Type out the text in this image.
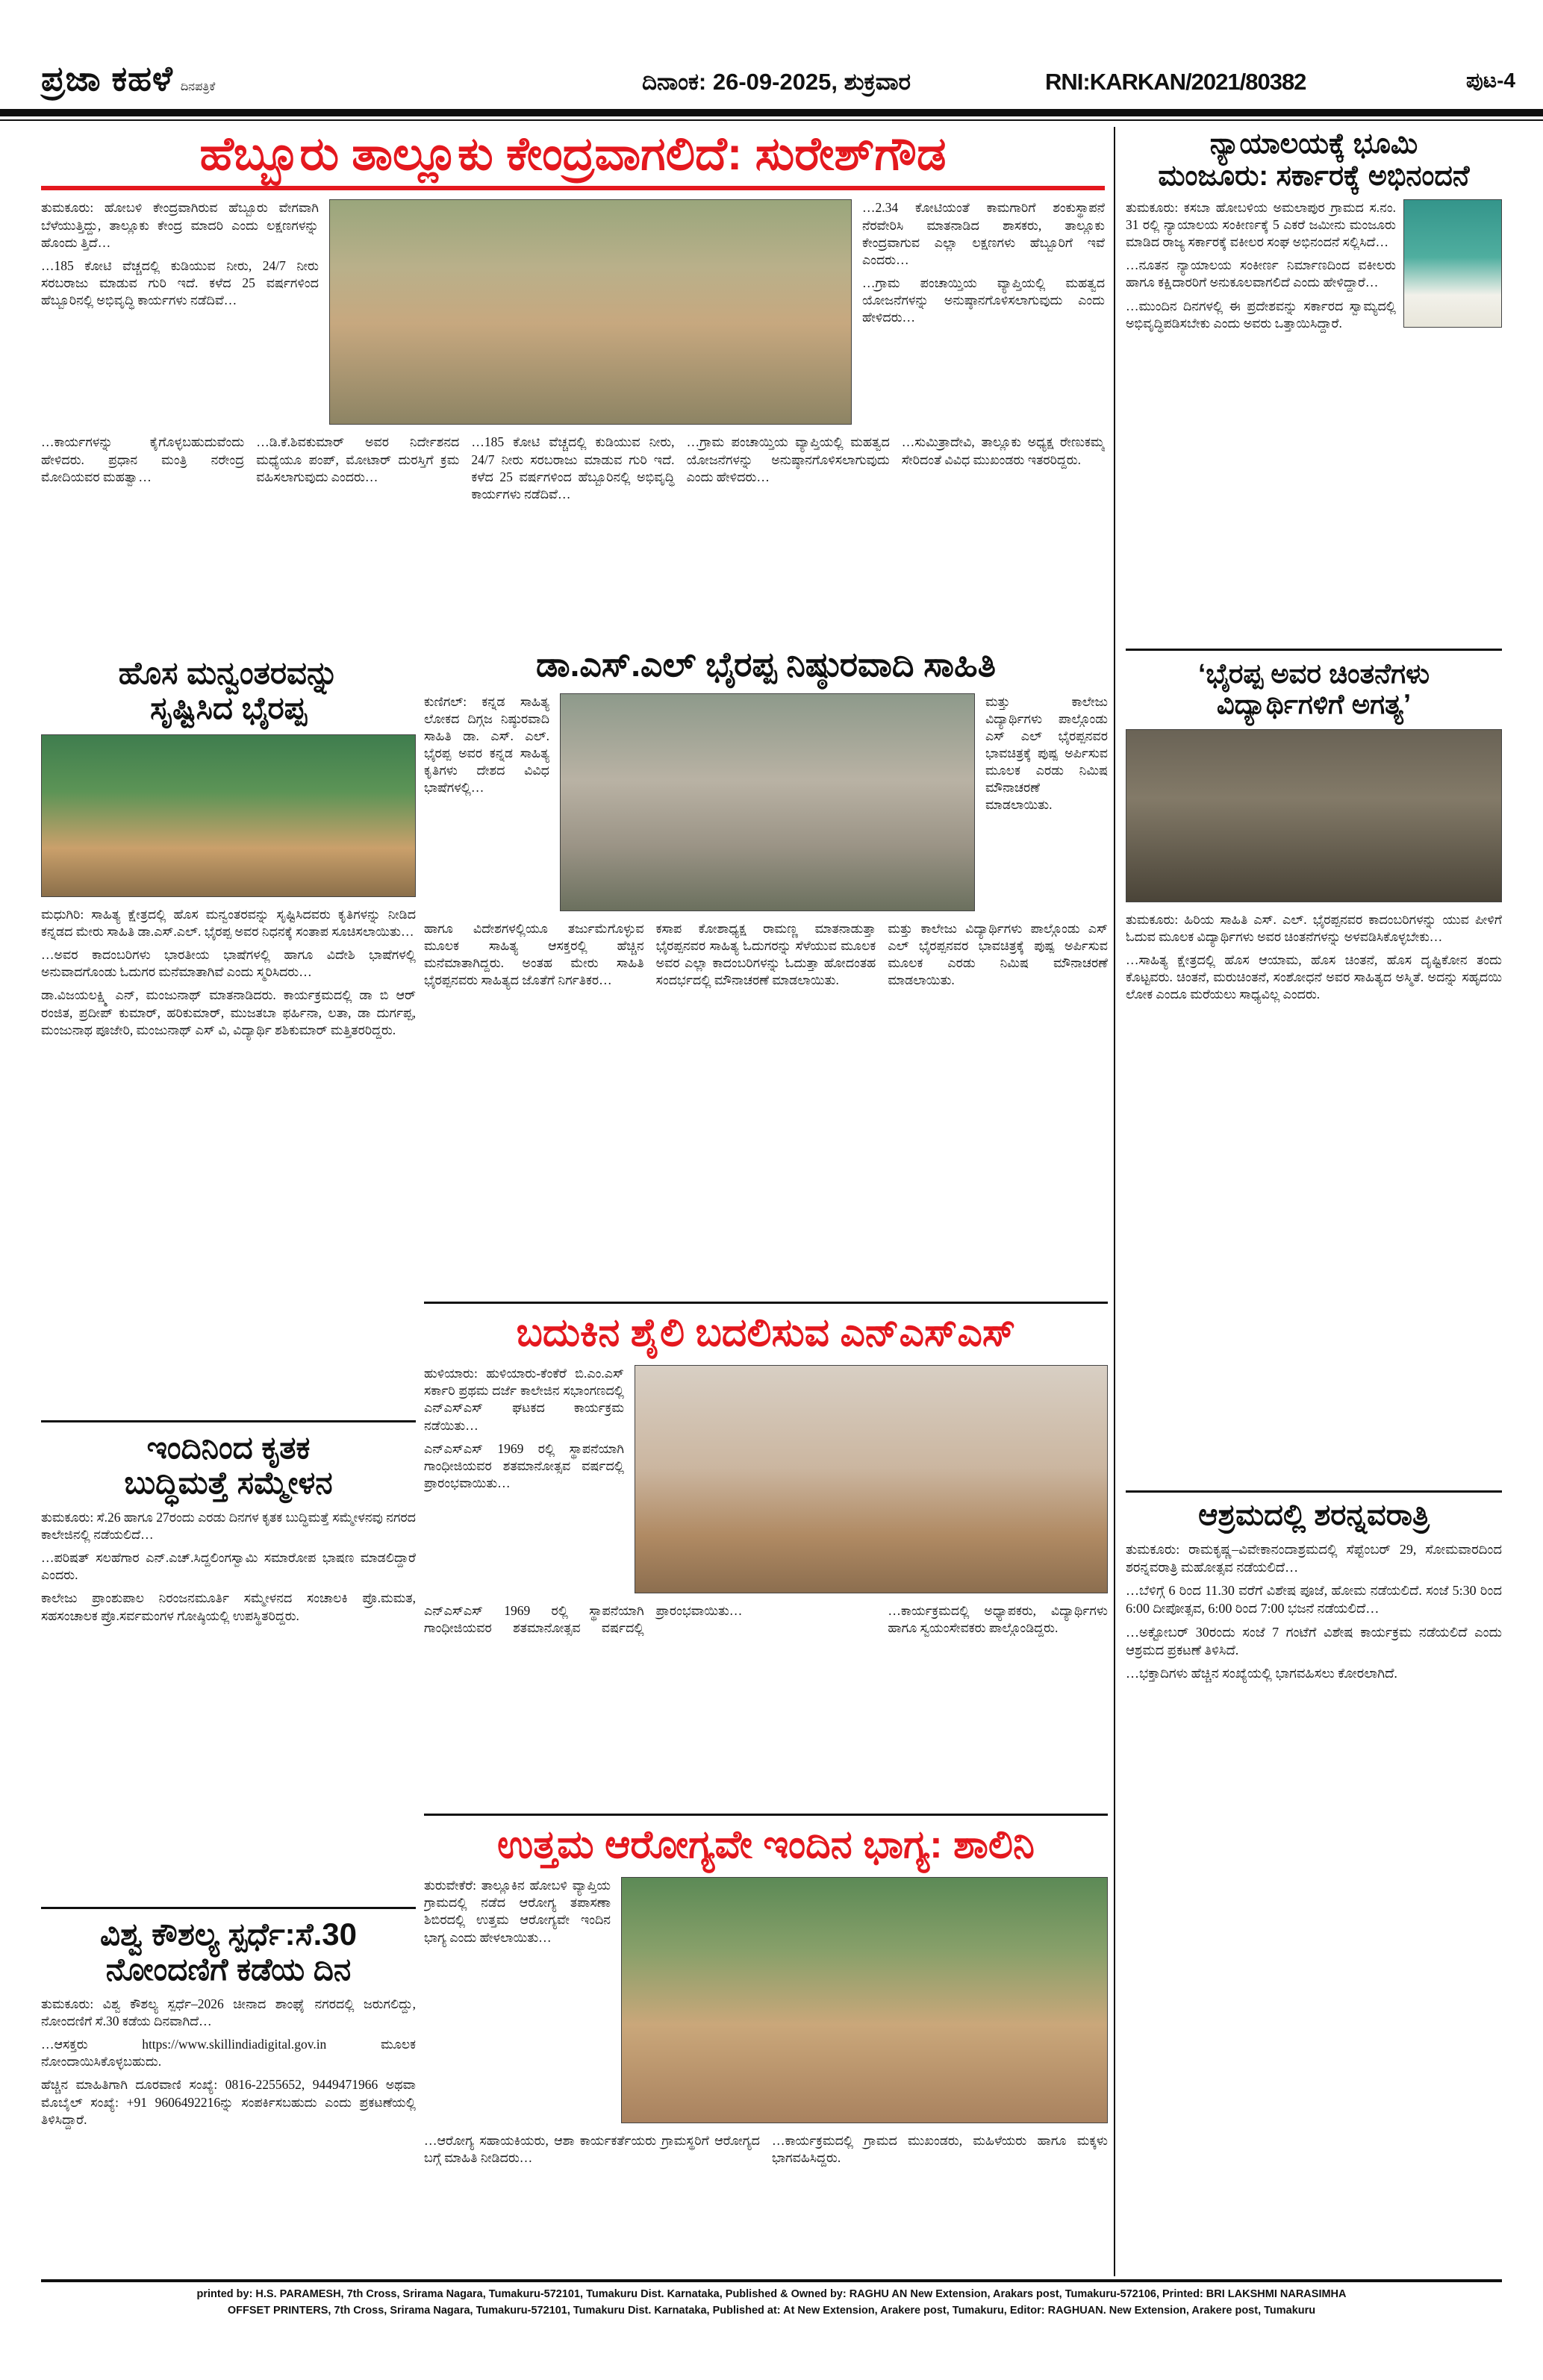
ಪ್ರಜಾ ಕಹಳೆ ದಿನಪತ್ರಿಕೆ	ದಿನಾಂಕ: 26-09-2025, ಶುಕ್ರವಾರ	RNI:KARKAN/2021/80382	ಪುಟ-4
ಹೆಬ್ಬೂರು ತಾಲ್ಲೂಕು ಕೇಂದ್ರವಾಗಲಿದೆ: ಸುರೇಶ್‌ಗೌಡ

ತುಮಕೂರು: ಹೋಬಳಿ ಕೇಂದ್ರವಾಗಿರುವ ಹೆಬ್ಬೂರು ವೇಗವಾಗಿ ಬೆಳೆಯುತ್ತಿದ್ದು, ತಾಲ್ಲೂಕು ಕೇಂದ್ರ ಮಾದರಿ ಎಂದು ಲಕ್ಷಣಗಳನ್ನು ಹೊಂದು ತ್ತಿದೆ…

…185 ಕೋಟಿ ವೆಚ್ಚದಲ್ಲಿ ಕುಡಿಯುವ ನೀರು, 24/7 ನೀರು ಸರಬರಾಜು ಮಾಡುವ ಗುರಿ ಇದೆ. ಕಳೆದ 25 ವರ್ಷಗಳಿಂದ ಹೆಬ್ಬೂರಿನಲ್ಲಿ ಅಭಿವೃದ್ಧಿ ಕಾರ್ಯಗಳು ನಡೆದಿವೆ…

…2.34 ಕೋಟಿಯಂತೆ ಕಾಮಗಾರಿಗೆ ಶಂಕುಸ್ಥಾಪನೆ ನೆರವೇರಿಸಿ ಮಾತನಾಡಿದ ಶಾಸಕರು, ತಾಲ್ಲೂಕು ಕೇಂದ್ರವಾಗುವ ಎಲ್ಲಾ ಲಕ್ಷಣಗಳು ಹೆಬ್ಬೂರಿಗೆ ಇವೆ ಎಂದರು…

…ಗ್ರಾಮ ಪಂಚಾಯ್ತಿಯ ವ್ಯಾಪ್ತಿಯಲ್ಲಿ ಮಹತ್ವದ ಯೋಜನೆಗಳನ್ನು ಅನುಷ್ಠಾನಗೊಳಿಸಲಾಗುವುದು ಎಂದು ಹೇಳಿದರು…

…ಕಾರ್ಯಗಳನ್ನು ಕೈಗೊಳ್ಳಬಹುದುವೆಂದು ಹೇಳಿದರು. ಪ್ರಧಾನ ಮಂತ್ರಿ ನರೇಂದ್ರ ಮೋದಿಯವರ ಮಹತ್ವಾ…

…ಡಿ.ಕೆ.ಶಿವಕುಮಾರ್ ಅವರ ನಿರ್ದೇಶನದ ಮಧ್ಯೆಯೂ ಪಂಪ್, ಮೋಟಾರ್ ದುರಸ್ತಿಗೆ ಕ್ರಮ ವಹಿಸಲಾಗುವುದು ಎಂದರು…

…185 ಕೋಟಿ ವೆಚ್ಚದಲ್ಲಿ ಕುಡಿಯುವ ನೀರು, 24/7 ನೀರು ಸರಬರಾಜು ಮಾಡುವ ಗುರಿ ಇದೆ. ಕಳೆದ 25 ವರ್ಷಗಳಿಂದ ಹೆಬ್ಬೂರಿನಲ್ಲಿ ಅಭಿವೃದ್ಧಿ ಕಾರ್ಯಗಳು ನಡೆದಿವೆ…

…ಗ್ರಾಮ ಪಂಚಾಯ್ತಿಯ ವ್ಯಾಪ್ತಿಯಲ್ಲಿ ಮಹತ್ವದ ಯೋಜನೆಗಳನ್ನು ಅನುಷ್ಠಾನಗೊಳಿಸಲಾಗುವುದು ಎಂದು ಹೇಳಿದರು…

…ಸುಮಿತ್ರಾದೇವಿ, ತಾಲ್ಲೂಕು ಅಧ್ಯಕ್ಷ ರೇಣುಕಮ್ಮ ಸೇರಿದಂತೆ ವಿವಿಧ ಮುಖಂಡರು ಇತರರಿದ್ದರು.

ನ್ಯಾಯಾಲಯಕ್ಕೆ ಭೂಮಿ
ಮಂಜೂರು: ಸರ್ಕಾರಕ್ಕೆ ಅಭಿನಂದನೆ

ತುಮಕೂರು: ಕಸಬಾ ಹೋಬಳಿಯ ಅಮಲಾಪುರ ಗ್ರಾಮದ ಸ.ನಂ. 31 ರಲ್ಲಿ ನ್ಯಾಯಾಲಯ ಸಂಕೀರ್ಣಕ್ಕೆ 5 ಎಕರೆ ಜಮೀನು ಮಂಜೂರು ಮಾಡಿದ ರಾಜ್ಯ ಸರ್ಕಾರಕ್ಕೆ ವಕೀಲರ ಸಂಘ ಅಭಿನಂದನೆ ಸಲ್ಲಿಸಿದೆ…

…ನೂತನ ನ್ಯಾಯಾಲಯ ಸಂಕೀರ್ಣ ನಿರ್ಮಾಣದಿಂದ ವಕೀಲರು ಹಾಗೂ ಕಕ್ಷಿದಾರರಿಗೆ ಅನುಕೂಲವಾಗಲಿದೆ ಎಂದು ಹೇಳಿದ್ದಾರೆ…

…ಮುಂದಿನ ದಿನಗಳಲ್ಲಿ ಈ ಪ್ರದೇಶವನ್ನು ಸರ್ಕಾರದ ಸ್ವಾಮ್ಯದಲ್ಲಿ ಅಭಿವೃದ್ಧಿಪಡಿಸಬೇಕು ಎಂದು ಅವರು ಒತ್ತಾಯಿಸಿದ್ದಾರೆ.

ಹೊಸ ಮನ್ವಂತರವನ್ನು
ಸೃಷ್ಟಿಸಿದ ಭೈರಪ್ಪ

ಮಧುಗಿರಿ: ಸಾಹಿತ್ಯ ಕ್ಷೇತ್ರದಲ್ಲಿ ಹೊಸ ಮನ್ವಂತರವನ್ನು ಸೃಷ್ಟಿಸಿದವರು ಕೃತಿಗಳನ್ನು ನೀಡಿದ ಕನ್ನಡದ ಮೇರು ಸಾಹಿತಿ ಡಾ.ಎಸ್.ಎಲ್. ಭೈರಪ್ಪ ಅವರ ನಿಧನಕ್ಕೆ ಸಂತಾಪ ಸೂಚಿಸಲಾಯಿತು…

…ಅವರ ಕಾದಂಬರಿಗಳು ಭಾರತೀಯ ಭಾಷೆಗಳಲ್ಲಿ ಹಾಗೂ ವಿದೇಶಿ ಭಾಷೆಗಳಲ್ಲಿ ಅನುವಾದಗೊಂಡು ಓದುಗರ ಮನೆಮಾತಾಗಿವೆ ಎಂದು ಸ್ಮರಿಸಿದರು…

ಡಾ.ವಿಜಯಲಕ್ಷ್ಮಿ ಎನ್, ಮಂಜುನಾಥ್ ಮಾತನಾಡಿದರು. ಕಾರ್ಯಕ್ರಮದಲ್ಲಿ ಡಾ ಬಿ ಆರ್ ರಂಜಿತ, ಪ್ರದೀಪ್ ಕುಮಾರ್, ಹರಿಕುಮಾರ್, ಮುಜತಬಾ ಫರ್ಹಿನಾ, ಲತಾ, ಡಾ ದುರ್ಗಪ್ಪ, ಮಂಜುನಾಥ ಪೂಜೇರಿ, ಮಂಜುನಾಥ್ ಎಸ್ ವಿ, ವಿದ್ಯಾರ್ಥಿ ಶಶಿಕುಮಾರ್ ಮತ್ತಿತರರಿದ್ದರು.

ಡಾ.ಎಸ್.ಎಲ್ ಭೈರಪ್ಪ ನಿಷ್ಠುರವಾದಿ ಸಾಹಿತಿ

ಕುಣಿಗಲ್: ಕನ್ನಡ ಸಾಹಿತ್ಯ ಲೋಕದ ದಿಗ್ಗಜ ನಿಷ್ಠುರವಾದಿ ಸಾಹಿತಿ ಡಾ. ಎಸ್. ಎಲ್. ಭೈರಪ್ಪ ಅವರ ಕನ್ನಡ ಸಾಹಿತ್ಯ ಕೃತಿಗಳು ದೇಶದ ವಿವಿಧ ಭಾಷೆಗಳಲ್ಲಿ…

ಮತ್ತು ಕಾಲೇಜು ವಿದ್ಯಾರ್ಥಿಗಳು ಪಾಲ್ಗೊಂಡು ಎಸ್ ಎಲ್ ಭೈರಪ್ಪನವರ ಭಾವಚಿತ್ರಕ್ಕೆ ಪುಷ್ಪ ಅರ್ಪಿಸುವ ಮೂಲಕ ಎರಡು ನಿಮಿಷ ಮೌನಾಚರಣೆ ಮಾಡಲಾಯಿತು.

ಹಾಗೂ ವಿದೇಶಗಳಲ್ಲಿಯೂ ತರ್ಜುಮೆಗೊಳ್ಳುವ ಮೂಲಕ ಸಾಹಿತ್ಯ ಆಸಕ್ತರಲ್ಲಿ ಹೆಚ್ಚಿನ ಮನೆಮಾತಾಗಿದ್ದರು. ಅಂತಹ ಮೇರು ಸಾಹಿತಿ ಭೈರಪ್ಪನವರು ಸಾಹಿತ್ಯದ ಜೊತೆಗೆ ನಿರ್ಗತಿಕರ…

ಕಸಾಪ ಕೋಶಾಧ್ಯಕ್ಷ ರಾಮಣ್ಣ ಮಾತನಾಡುತ್ತಾ ಭೈರಪ್ಪನವರ ಸಾಹಿತ್ಯ ಓದುಗರನ್ನು ಸೆಳೆಯುವ ಮೂಲಕ ಅವರ ಎಲ್ಲಾ ಕಾದಂಬರಿಗಳನ್ನು ಓದುತ್ತಾ ಹೋದಂತಹ ಸಂದರ್ಭದಲ್ಲಿ ಮೌನಾಚರಣೆ ಮಾಡಲಾಯಿತು.

ಮತ್ತು ಕಾಲೇಜು ವಿದ್ಯಾರ್ಥಿಗಳು ಪಾಲ್ಗೊಂಡು ಎಸ್ ಎಲ್ ಭೈರಪ್ಪನವರ ಭಾವಚಿತ್ರಕ್ಕೆ ಪುಷ್ಪ ಅರ್ಪಿಸುವ ಮೂಲಕ ಎರಡು ನಿಮಿಷ ಮೌನಾಚರಣೆ ಮಾಡಲಾಯಿತು.

‘ಭೈರಪ್ಪ ಅವರ ಚಿಂತನೆಗಳು
ವಿದ್ಯಾರ್ಥಿಗಳಿಗೆ ಅಗತ್ಯ’

ತುಮಕೂರು: ಹಿರಿಯ ಸಾಹಿತಿ ಎಸ್. ಎಲ್. ಭೈರಪ್ಪನವರ ಕಾದಂಬರಿಗಳನ್ನು ಯುವ ಪೀಳಿಗೆ ಓದುವ ಮೂಲಕ ವಿದ್ಯಾರ್ಥಿಗಳು ಅವರ ಚಿಂತನೆಗಳನ್ನು ಅಳವಡಿಸಿಕೊಳ್ಳಬೇಕು…

…ಸಾಹಿತ್ಯ ಕ್ಷೇತ್ರದಲ್ಲಿ ಹೊಸ ಆಯಾಮ, ಹೊಸ ಚಿಂತನೆ, ಹೊಸ ದೃಷ್ಟಿಕೋನ ತಂದು ಕೊಟ್ಟವರು. ಚಿಂತನೆ, ಮರುಚಿಂತನೆ, ಸಂಶೋಧನೆ ಅವರ ಸಾಹಿತ್ಯದ ಅಸ್ಮಿತೆ. ಅದನ್ನು ಸಹೃದಯಿ ಲೋಕ ಎಂದೂ ಮರೆಯಲು ಸಾಧ್ಯವಿಲ್ಲ ಎಂದರು.

ಬದುಕಿನ ಶೈಲಿ ಬದಲಿಸುವ ಎನ್‌ಎಸ್‌ಎಸ್

ಹುಳಿಯಾರು: ಹುಳಿಯಾರು-ಕೆಂಕೆರೆ ಬಿ.ಎಂ.ಎಸ್ ಸರ್ಕಾರಿ ಪ್ರಥಮ ದರ್ಜೆ ಕಾಲೇಜಿನ ಸಭಾಂಗಣದಲ್ಲಿ ಎನ್‌ಎಸ್‌ಎಸ್ ಘಟಕದ ಕಾರ್ಯಕ್ರಮ ನಡೆಯಿತು…

ಎನ್‌ಎಸ್‌ಎಸ್ 1969 ರಲ್ಲಿ ಸ್ಥಾಪನೆಯಾಗಿ ಗಾಂಧೀಜಿಯವರ ಶತಮಾನೋತ್ಸವ ವರ್ಷದಲ್ಲಿ ಪ್ರಾರಂಭವಾಯಿತು…

ಎನ್‌ಎಸ್‌ಎಸ್ 1969 ರಲ್ಲಿ ಸ್ಥಾಪನೆಯಾಗಿ ಗಾಂಧೀಜಿಯವರ ಶತಮಾನೋತ್ಸವ ವರ್ಷದಲ್ಲಿ ಪ್ರಾರಂಭವಾಯಿತು…	…ಕಾರ್ಯಕ್ರಮದಲ್ಲಿ ಅಧ್ಯಾಪಕರು, ವಿದ್ಯಾರ್ಥಿಗಳು ಹಾಗೂ ಸ್ವಯಂಸೇವಕರು ಪಾಲ್ಗೊಂಡಿದ್ದರು.

ಇಂದಿನಿಂದ ಕೃತಕ
ಬುದ್ಧಿಮತ್ತೆ ಸಮ್ಮೇಳನ

ತುಮಕೂರು: ಸೆ.26 ಹಾಗೂ 27ರಂದು ಎರಡು ದಿನಗಳ ಕೃತಕ ಬುದ್ಧಿಮತ್ತೆ ಸಮ್ಮೇಳನವು ನಗರದ ಕಾಲೇಜಿನಲ್ಲಿ ನಡೆಯಲಿದೆ…

…ಪರಿಷತ್ ಸಲಹೆಗಾರ ಎನ್.ಎಚ್.ಸಿದ್ದಲಿಂಗಸ್ವಾಮಿ ಸಮಾರೋಪ ಭಾಷಣ ಮಾಡಲಿದ್ದಾರೆ ಎಂದರು.

ಕಾಲೇಜು ಪ್ರಾಂಶುಪಾಲ ನಿರಂಜನಮೂರ್ತಿ ಸಮ್ಮೇಳನದ ಸಂಚಾಲಕಿ ಪ್ರೊ.ಮಮತ, ಸಹಸಂಚಾಲಕ ಪ್ರೊ.ಸರ್ವಮಂಗಳ ಗೋಷ್ಠಿಯಲ್ಲಿ ಉಪಸ್ಥಿತರಿದ್ದರು.

ವಿಶ್ವ ಕೌಶಲ್ಯ ಸ್ಪರ್ಧೆ:ಸೆ.30
ನೋಂದಣಿಗೆ ಕಡೆಯ ದಿನ

ತುಮಕೂರು: ವಿಶ್ವ ಕೌಶಲ್ಯ ಸ್ಪರ್ಧೆ–2026 ಚೀನಾದ ಶಾಂಘೈ ನಗರದಲ್ಲಿ ಜರುಗಲಿದ್ದು, ನೋಂದಣಿಗೆ ಸೆ.30 ಕಡೆಯ ದಿನವಾಗಿದೆ…

…ಆಸಕ್ತರು https://www.skillindiadigital.gov.in ಮೂಲಕ ನೋಂದಾಯಿಸಿಕೊಳ್ಳಬಹುದು.

ಹೆಚ್ಚಿನ ಮಾಹಿತಿಗಾಗಿ ದೂರವಾಣಿ ಸಂಖ್ಯೆ: 0816-2255652, 9449471966 ಅಥವಾ ಮೊಬೈಲ್ ಸಂಖ್ಯೆ: +91 9606492216ನ್ನು ಸಂಪರ್ಕಿಸಬಹುದು ಎಂದು ಪ್ರಕಟಣೆಯಲ್ಲಿ ತಿಳಿಸಿದ್ದಾರೆ.

ಉತ್ತಮ ಆರೋಗ್ಯವೇ ಇಂದಿನ ಭಾಗ್ಯ: ಶಾಲಿನಿ

ತುರುವೇಕೆರೆ: ತಾಲ್ಲೂಕಿನ ಹೋಬಳಿ ವ್ಯಾಪ್ತಿಯ ಗ್ರಾಮದಲ್ಲಿ ನಡೆದ ಆರೋಗ್ಯ ತಪಾಸಣಾ ಶಿಬಿರದಲ್ಲಿ ಉತ್ತಮ ಆರೋಗ್ಯವೇ ಇಂದಿನ ಭಾಗ್ಯ ಎಂದು ಹೇಳಲಾಯಿತು…

…ಆರೋಗ್ಯ ಸಹಾಯಕಿಯರು, ಆಶಾ ಕಾರ್ಯಕರ್ತೆಯರು ಗ್ರಾಮಸ್ಥರಿಗೆ ಆರೋಗ್ಯದ ಬಗ್ಗೆ ಮಾಹಿತಿ ನೀಡಿದರು…

…ಕಾರ್ಯಕ್ರಮದಲ್ಲಿ ಗ್ರಾಮದ ಮುಖಂಡರು, ಮಹಿಳೆಯರು ಹಾಗೂ ಮಕ್ಕಳು ಭಾಗವಹಿಸಿದ್ದರು.

ಆಶ್ರಮದಲ್ಲಿ ಶರನ್ನವರಾತ್ರಿ

ತುಮಕೂರು: ರಾಮಕೃಷ್ಣ–ವಿವೇಕಾನಂದಾಶ್ರಮದಲ್ಲಿ ಸೆಪ್ಟೆಂಬರ್ 29, ಸೋಮವಾರದಿಂದ ಶರನ್ನವರಾತ್ರಿ ಮಹೋತ್ಸವ ನಡೆಯಲಿದೆ…

…ಬೆಳಿಗ್ಗೆ 6 ರಿಂದ 11.30 ವರೆಗೆ ವಿಶೇಷ ಪೂಜೆ, ಹೋಮ ನಡೆಯಲಿದೆ. ಸಂಜೆ 5:30 ರಿಂದ 6:00 ದೀಪೋತ್ಸವ, 6:00 ರಿಂದ 7:00 ಭಜನೆ ನಡೆಯಲಿದೆ…

…ಅಕ್ಟೋಬರ್ 30ರಂದು ಸಂಜೆ 7 ಗಂಟೆಗೆ ವಿಶೇಷ ಕಾರ್ಯಕ್ರಮ ನಡೆಯಲಿದೆ ಎಂದು ಆಶ್ರಮದ ಪ್ರಕಟಣೆ ತಿಳಿಸಿದೆ.

…ಭಕ್ತಾದಿಗಳು ಹೆಚ್ಚಿನ ಸಂಖ್ಯೆಯಲ್ಲಿ ಭಾಗವಹಿಸಲು ಕೋರಲಾಗಿದೆ.

printed by: H.S. PARAMESH, 7th Cross, Srirama Nagara, Tumakuru-572101, Tumakuru Dist. Karnataka, Published & Owned by: RAGHU AN New Extension, Arakars post, Tumakuru-572106, Printed: BRI LAKSHMI NARASIMHA
OFFSET PRINTERS, 7th Cross, Srirama Nagara, Tumakuru-572101, Tumakuru Dist. Karnataka, Published at: At New Extension, Arakere post, Tumakuru, Editor: RAGHUAN. New Extension, Arakere post, Tumakuru
